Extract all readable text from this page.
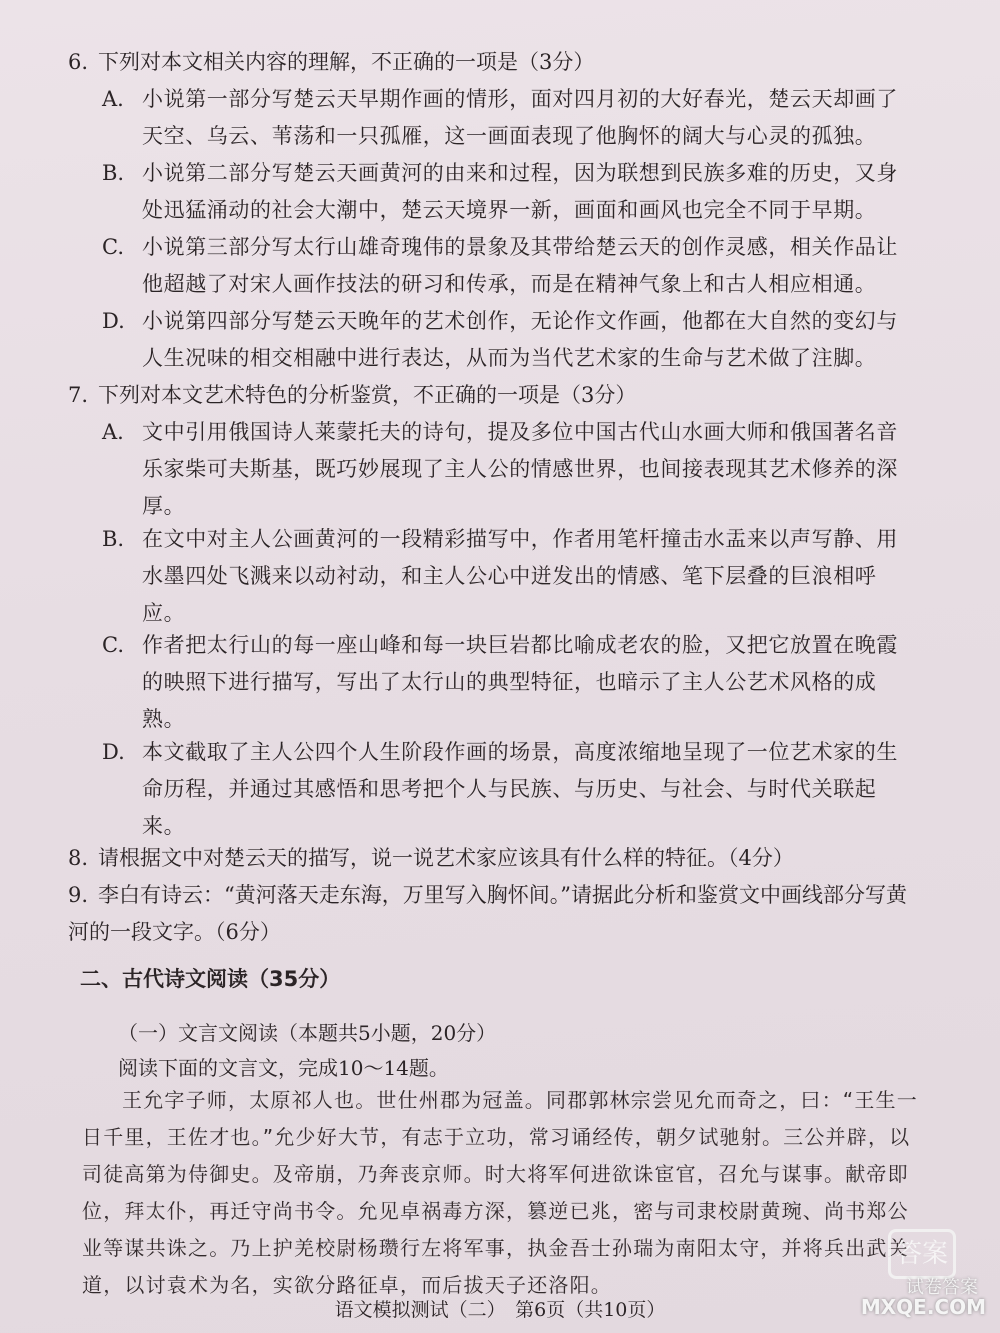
6. 下列对本文相关内容的理解，不正确的一项是（3分）
A. 小说第一部分写楚云天早期作画的情形，面对四月初的大好春光，楚云天却画了天空、乌云、苇荡和一只孤雁，这一画面表现了他胸怀的阔大与心灵的孤独。
B. 小说第二部分写楚云天画黄河的由来和过程，因为联想到民族多难的历史，又身处迅猛涌动的社会大潮中，楚云天境界一新，画面和画风也完全不同于早期。
C. 小说第三部分写太行山雄奇瑰伟的景象及其带给楚云天的创作灵感，相关作品让他超越了对宋人画作技法的研习和传承，而是在精神气象上和古人相应相通。
D. 小说第四部分写楚云天晚年的艺术创作，无论作文作画，他都在大自然的变幻与人生况味的相交相融中进行表达，从而为当代艺术家的生命与艺术做了注脚。
7. 下列对本文艺术特色的分析鉴赏，不正确的一项是（3分）
A. 文中引用俄国诗人莱蒙托夫的诗句，提及多位中国古代山水画大师和俄国著名音乐家柴可夫斯基，既巧妙展现了主人公的情感世界，也间接表现其艺术修养的深厚。
B. 在文中对主人公画黄河的一段精彩描写中，作者用笔杆撞击水盂来以声写静、用水墨四处飞溅来以动衬动，和主人公心中迸发出的情感、笔下层叠的巨浪相呼应。
C. 作者把太行山的每一座山峰和每一块巨岩都比喻成老农的脸，又把它放置在晚霞的映照下进行描写，写出了太行山的典型特征，也暗示了主人公艺术风格的成熟。
D. 本文截取了主人公四个人生阶段作画的场景，高度浓缩地呈现了一位艺术家的生命历程，并通过其感悟和思考把个人与民族、与历史、与社会、与时代关联起来。
8. 请根据文中对楚云天的描写，说一说艺术家应该具有什么样的特征。（4分）
9. 李白有诗云：“黄河落天走东海，万里写入胸怀间。”请据此分析和鉴赏文中画线部分写黄河的一段文字。（6分）
二、古代诗文阅读（35分）
（一）文言文阅读（本题共5小题，20分）
阅读下面的文言文，完成10～14题。
王允字子师，太原祁人也。世仕州郡为冠盖。同郡郭林宗尝见允而奇之，曰：“王生一日千里，王佐才也。”允少好大节，有志于立功，常习诵经传，朝夕试驰射。三公并辟，以司徒高第为侍御史。及帝崩，乃奔丧京师。时大将军何进欲诛宦官，召允与谋事。献帝即位，拜太仆，再迁守尚书令。允见卓祸毒方深，篡逆已兆，密与司隶校尉黄琬、尚书郑公业等谋共诛之。乃上护羌校尉杨瓒行左将军事，执金吾士孙瑞为南阳太守，并将兵出武关道，以讨袁术为名，实欲分路征卓，而后拔天子还洛阳。
语文模拟测试（二）　第6页（共10页）
答案
试卷答案
MXQE.COM
